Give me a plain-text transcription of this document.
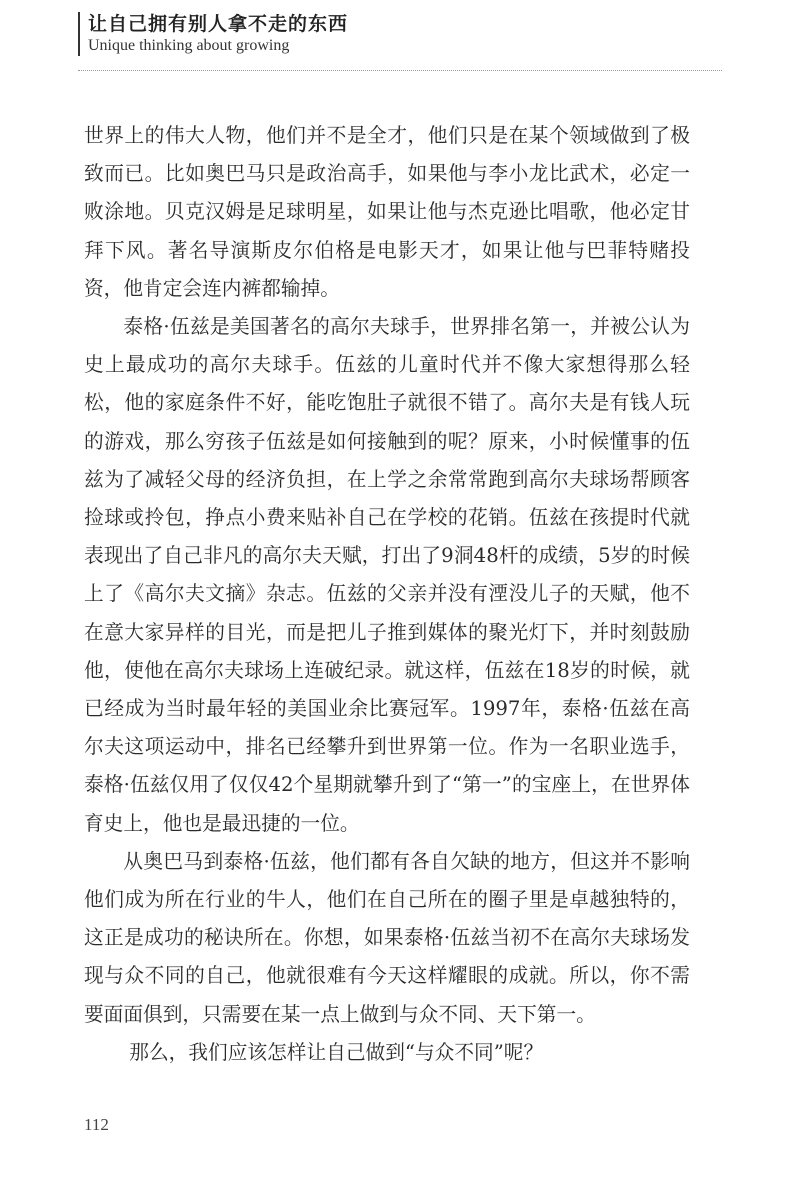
让自己拥有别人拿不走的东西
Unique thinking about growing

世界上的伟大人物，他们并不是全才，他们只是在某个领域做到了极致而已。比如奥巴马只是政治高手，如果他与李小龙比武术，必定一败涂地。贝克汉姆是足球明星，如果让他与杰克逊比唱歌，他必定甘拜下风。著名导演斯皮尔伯格是电影天才，如果让他与巴菲特赌投资，他肯定会连内裤都输掉。

泰格·伍兹是美国著名的高尔夫球手，世界排名第一，并被公认为史上最成功的高尔夫球手。伍兹的儿童时代并不像大家想得那么轻松，他的家庭条件不好，能吃饱肚子就很不错了。高尔夫是有钱人玩的游戏，那么穷孩子伍兹是如何接触到的呢？原来，小时候懂事的伍兹为了减轻父母的经济负担，在上学之余常常跑到高尔夫球场帮顾客捡球或拎包，挣点小费来贴补自己在学校的花销。伍兹在孩提时代就表现出了自己非凡的高尔夫天赋，打出了9洞48杆的成绩，5岁的时候上了《高尔夫文摘》杂志。伍兹的父亲并没有湮没儿子的天赋，他不在意大家异样的目光，而是把儿子推到媒体的聚光灯下，并时刻鼓励他，使他在高尔夫球场上连破纪录。就这样，伍兹在18岁的时候，就已经成为当时最年轻的美国业余比赛冠军。1997年，泰格·伍兹在高尔夫这项运动中，排名已经攀升到世界第一位。作为一名职业选手，泰格·伍兹仅用了仅仅42个星期就攀升到了“第一”的宝座上，在世界体育史上，他也是最迅捷的一位。

从奥巴马到泰格·伍兹，他们都有各自欠缺的地方，但这并不影响他们成为所在行业的牛人，他们在自己所在的圈子里是卓越独特的，这正是成功的秘诀所在。你想，如果泰格·伍兹当初不在高尔夫球场发现与众不同的自己，他就很难有今天这样耀眼的成就。所以，你不需要面面俱到，只需要在某一点上做到与众不同、天下第一。

那么，我们应该怎样让自己做到“与众不同”呢？

112
